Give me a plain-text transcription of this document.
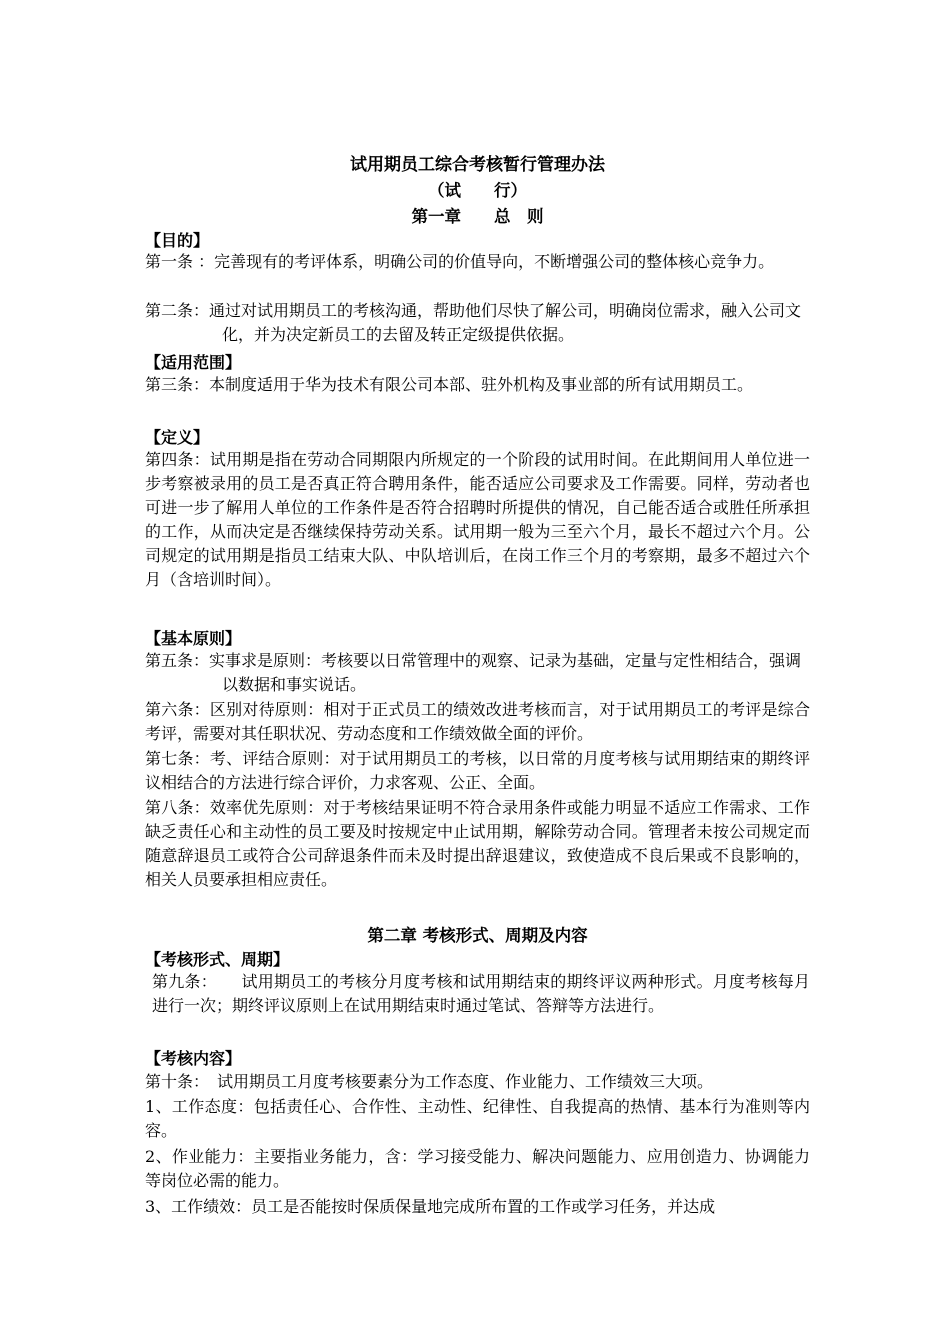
试用期员工综合考核暂行管理办法
（试　　行）
第一章　　总　则
【目的】

第一条 ：完善现有的考评体系，明确公司的价值导向，不断增强公司的整体核心竞争力。

第二条：通过对试用期员工的考核沟通，帮助他们尽快了解公司，明确岗位需求，融入公司文化，并为决定新员工的去留及转正定级提供依据。

【适用范围】

第三条：本制度适用于华为技术有限公司本部、驻外机构及事业部的所有试用期员工。

【定义】

第四条：试用期是指在劳动合同期限内所规定的一个阶段的试用时间。在此期间用人单位进一步考察被录用的员工是否真正符合聘用条件，能否适应公司要求及工作需要。同样，劳动者也可进一步了解用人单位的工作条件是否符合招聘时所提供的情况，自己能否适合或胜任所承担的工作，从而决定是否继续保持劳动关系。试用期一般为三至六个月，最长不超过六个月。公司规定的试用期是指员工结束大队、中队培训后，在岗工作三个月的考察期，最多不超过六个月（含培训时间）。

【基本原则】

第五条：实事求是原则：考核要以日常管理中的观察、记录为基础，定量与定性相结合，强调以数据和事实说话。

第六条：区别对待原则：相对于正式员工的绩效改进考核而言，对于试用期员工的考评是综合考评，需要对其任职状况、劳动态度和工作绩效做全面的评价。

第七条：考、评结合原则：对于试用期员工的考核，以日常的月度考核与试用期结束的期终评议相结合的方法进行综合评价，力求客观、公正、全面。

第八条：效率优先原则：对于考核结果证明不符合录用条件或能力明显不适应工作需求、工作缺乏责任心和主动性的员工要及时按规定中止试用期，解除劳动合同。管理者未按公司规定而随意辞退员工或符合公司辞退条件而未及时提出辞退建议，致使造成不良后果或不良影响的，相关人员要承担相应责任。

第二章 考核形式、周期及内容
【考核形式、周期】

第九条：　　试用期员工的考核分月度考核和试用期结束的期终评议两种形式。月度考核每月进行一次；期终评议原则上在试用期结束时通过笔试、答辩等方法进行。

【考核内容】

第十条：　试用期员工月度考核要素分为工作态度、作业能力、工作绩效三大项。

1、工作态度：包括责任心、合作性、主动性、纪律性、自我提高的热情、基本行为准则等内容。

2、作业能力：主要指业务能力，含：学习接受能力、解决问题能力、应用创造力、协调能力等岗位必需的能力。

3、工作绩效：员工是否能按时保质保量地完成所布置的工作或学习任务，并达成
